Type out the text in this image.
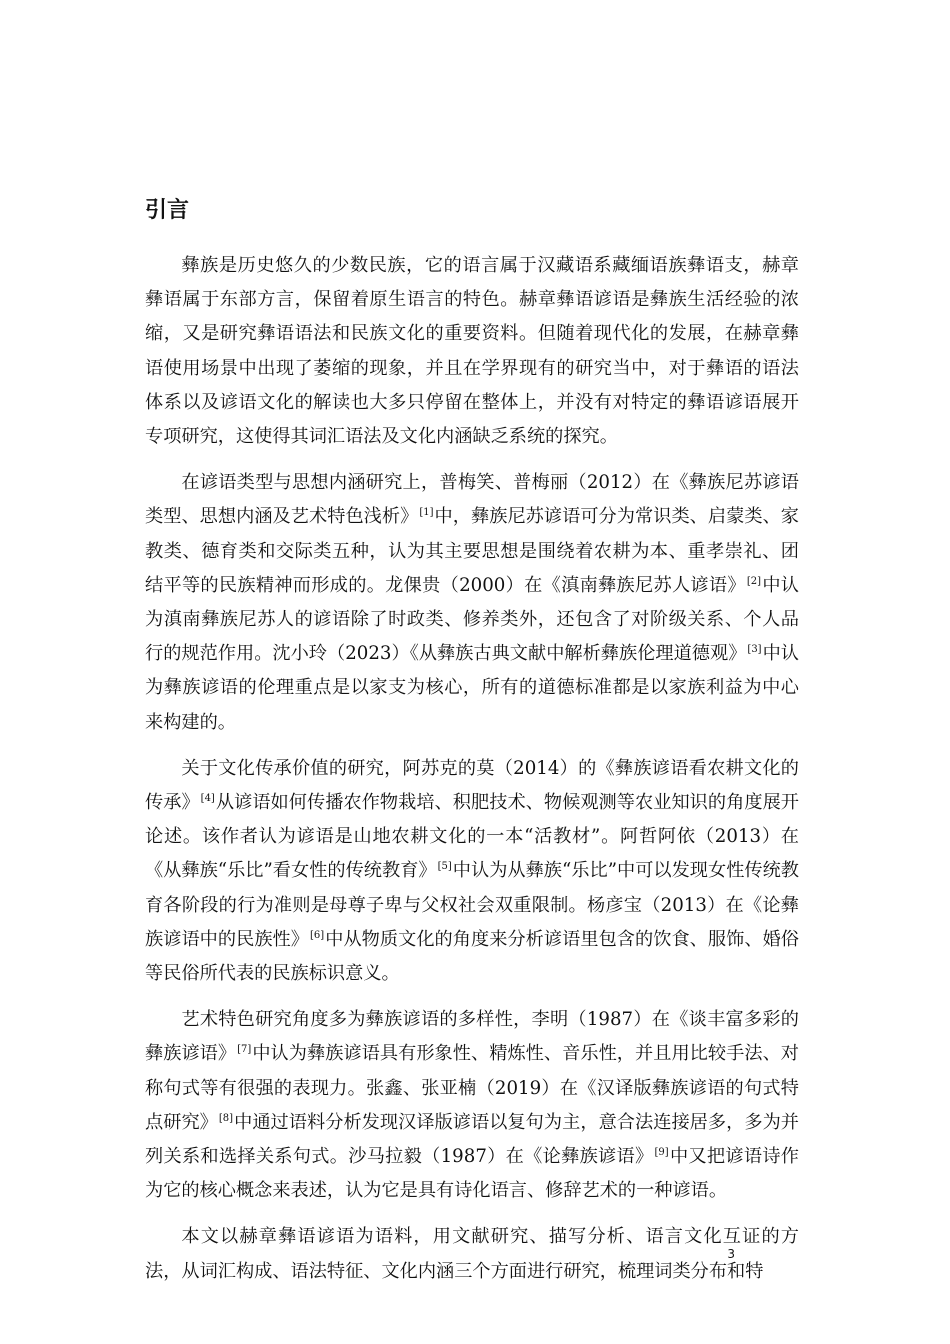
引言

彝族是历史悠久的少数民族，它的语言属于汉藏语系藏缅语族彝语支，赫章彝语属于东部方言，保留着原生语言的特色。赫章彝语谚语是彝族生活经验的浓缩，又是研究彝语语法和民族文化的重要资料。但随着现代化的发展，在赫章彝语使用场景中出现了萎缩的现象，并且在学界现有的研究当中，对于彝语的语法体系以及谚语文化的解读也大多只停留在整体上，并没有对特定的彝语谚语展开专项研究，这使得其词汇语法及文化内涵缺乏系统的探究。

在谚语类型与思想内涵研究上，普梅笑、普梅丽（2012）在《彝族尼苏谚语类型、思想内涵及艺术特色浅析》[1]中，彝族尼苏谚语可分为常识类、启蒙类、家教类、德育类和交际类五种，认为其主要思想是围绕着农耕为本、重孝崇礼、团结平等的民族精神而形成的。龙倮贵（2000）在《滇南彝族尼苏人谚语》[2]中认为滇南彝族尼苏人的谚语除了时政类、修养类外，还包含了对阶级关系、个人品行的规范作用。沈小玲（2023）《从彝族古典文献中解析彝族伦理道德观》[3]中认为彝族谚语的伦理重点是以家支为核心，所有的道德标准都是以家族利益为中心来构建的。

关于文化传承价值的研究，阿苏克的莫（2014）的《彝族谚语看农耕文化的传承》[4]从谚语如何传播农作物栽培、积肥技术、物候观测等农业知识的角度展开论述。该作者认为谚语是山地农耕文化的一本“活教材”。阿哲阿依（2013）在《从彝族“乐比”看女性的传统教育》[5]中认为从彝族“乐比”中可以发现女性传统教育各阶段的行为准则是母尊子卑与父权社会双重限制。杨彦宝（2013）在《论彝族谚语中的民族性》[6]中从物质文化的角度来分析谚语里包含的饮食、服饰、婚俗等民俗所代表的民族标识意义。

艺术特色研究角度多为彝族谚语的多样性，李明（1987）在《谈丰富多彩的彝族谚语》[7]中认为彝族谚语具有形象性、精炼性、音乐性，并且用比较手法、对称句式等有很强的表现力。张鑫、张亚楠（2019）在《汉译版彝族谚语的句式特点研究》[8]中通过语料分析发现汉译版谚语以复句为主，意合法连接居多，多为并列关系和选择关系句式。沙马拉毅（1987）在《论彝族谚语》[9]中又把谚语诗作为它的核心概念来表述，认为它是具有诗化语言、修辞艺术的一种谚语。

本文以赫章彝语谚语为语料，用文献研究、描写分析、语言文化互证的方法，从词汇构成、语法特征、文化内涵三个方面进行研究，梳理词类分布和特

3
